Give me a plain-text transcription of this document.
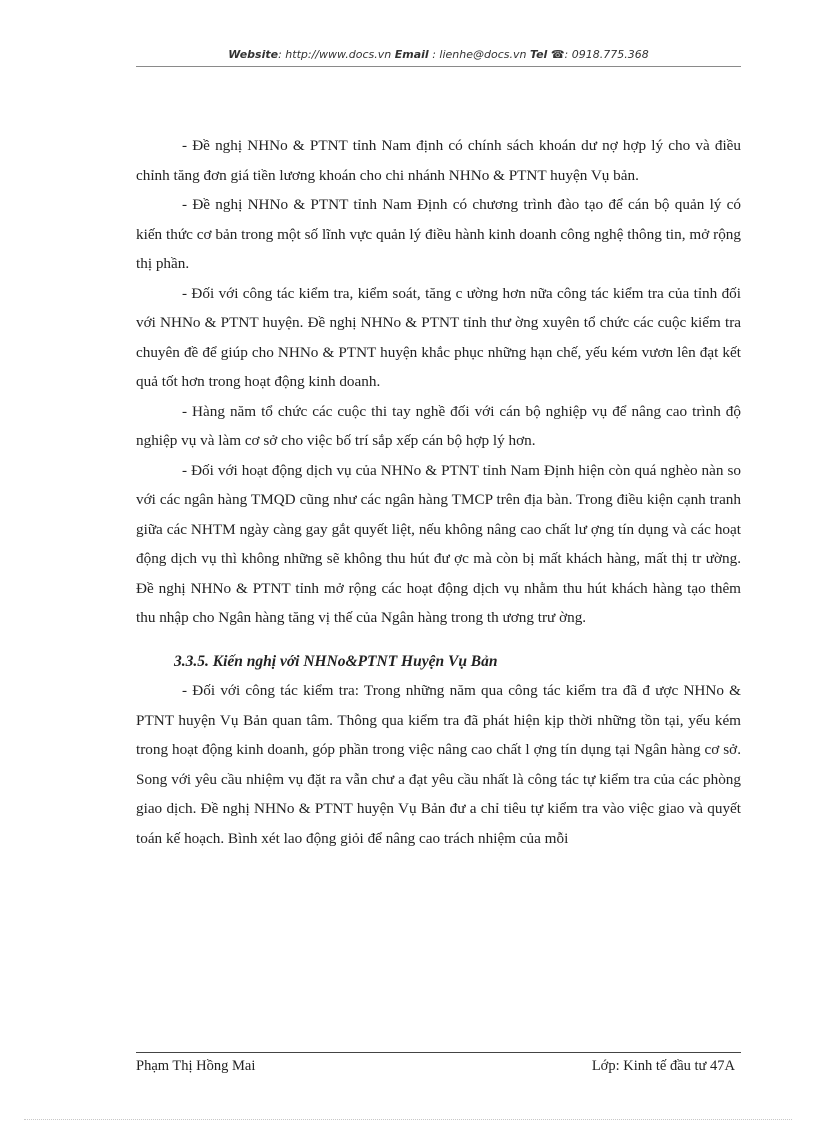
Website: http://www.docs.vn Email : lienhe@docs.vn Tel ☎: 0918.775.368

- Đề nghị NHNo & PTNT tỉnh Nam định có chính sách khoán dư nợ hợp lý cho và điều chỉnh tăng đơn giá tiền lương khoán cho chi nhánh NHNo & PTNT huyện Vụ bản.

- Đề nghị NHNo & PTNT tỉnh Nam Định có chương trình đào tạo để cán bộ quản lý có kiến thức cơ bản trong một số lĩnh vực quản lý điều hành kinh doanh công nghệ thông tin, mở rộng thị phần.

- Đối với công tác kiểm tra, kiểm soát, tăng c ường hơn nữa công tác kiểm tra của tỉnh đối với NHNo & PTNT huyện. Đề nghị NHNo & PTNT tỉnh thư ờng xuyên tổ chức các cuộc kiểm tra chuyên đề để giúp cho NHNo & PTNT huyện khắc phục những hạn chế, yếu kém vươn lên đạt kết quả tốt hơn trong hoạt động kinh doanh.

- Hàng năm tổ chức các cuộc thi tay nghề đối với cán bộ nghiệp vụ để nâng cao trình độ nghiệp vụ và làm cơ sở cho việc bố trí sắp xếp cán bộ hợp lý hơn.

- Đối với hoạt động dịch vụ của NHNo & PTNT tỉnh Nam Định hiện còn quá nghèo nàn so với các ngân hàng TMQD cũng như các ngân hàng TMCP trên địa bàn. Trong điều kiện cạnh tranh giữa các NHTM ngày càng gay gắt quyết liệt, nếu không nâng cao chất lư ợng tín dụng và các hoạt động dịch vụ thì không những sẽ không thu hút đư ợc mà còn bị mất khách hàng, mất thị tr ường. Đề nghị NHNo & PTNT tỉnh mở rộng các hoạt động dịch vụ nhằm thu hút khách hàng tạo thêm thu nhập cho Ngân hàng tăng vị thế của Ngân hàng trong th ương trư ờng.

3.3.5. Kiến nghị với NHNo&PTNT Huyện Vụ Bản

- Đối với công tác kiểm tra: Trong những năm qua công tác kiểm tra đã đ ược NHNo & PTNT huyện Vụ Bản quan tâm. Thông qua kiểm tra đã phát hiện kịp thời những tồn tại, yếu kém trong hoạt động kinh doanh, góp phần trong việc nâng cao chất l ợng tín dụng tại Ngân hàng cơ sở. Song với yêu cầu nhiệm vụ đặt ra vẫn chư a đạt yêu cầu nhất là công tác tự kiểm tra của các phòng giao dịch. Đề nghị NHNo & PTNT huyện Vụ Bản đư a chỉ tiêu tự kiểm tra vào việc giao và quyết toán kế hoạch. Bình xét lao động giỏi để nâng cao trách nhiệm của mỗi

Phạm Thị Hồng Mai	Lớp: Kinh tế đầu tư 47A
